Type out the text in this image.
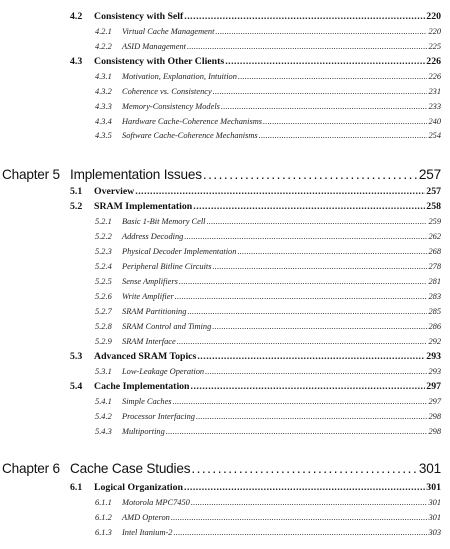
4.2	Consistency with Self .....	220
4.2.1	Virtual Cache Management .....	220
4.2.2	ASID Management .....	225
4.3	Consistency with Other Clients .....	226
4.3.1	Motivation, Explanation, Intuition .....	226
4.3.2	Coherence vs. Consistency .....	231
4.3.3	Memory-Consistency Models .....	233
4.3.4	Hardware Cache-Coherence Mechanisms .....	240
4.3.5	Software Cache-Coherence Mechanisms .....	254
Chapter 5 Implementation Issues .....	257
5.1	Overview .....	257
5.2	SRAM Implementation .....	258
5.2.1	Basic 1-Bit Memory Cell .....	259
5.2.2	Address Decoding .....	262
5.2.3	Physical Decoder Implementation .....	268
5.2.4	Peripheral Bitline Circuits .....	278
5.2.5	Sense Amplifiers .....	281
5.2.6	Write Amplifier .....	283
5.2.7	SRAM Partitioning .....	285
5.2.8	SRAM Control and Timing .....	286
5.2.9	SRAM Interface .....	292
5.3	Advanced SRAM Topics .....	293
5.3.1	Low-Leakage Operation .....	293
5.4	Cache Implementation .....	297
5.4.1	Simple Caches .....	297
5.4.2	Processor Interfacing .....	298
5.4.3	Multiporting .....	298
Chapter 6 Cache Case Studies .....	301
6.1	Logical Organization .....	301
6.1.1	Motorola MPC7450 .....	301
6.1.2	AMD Opteron .....	301
6.1.3	Intel Itanium-2 .....	303
